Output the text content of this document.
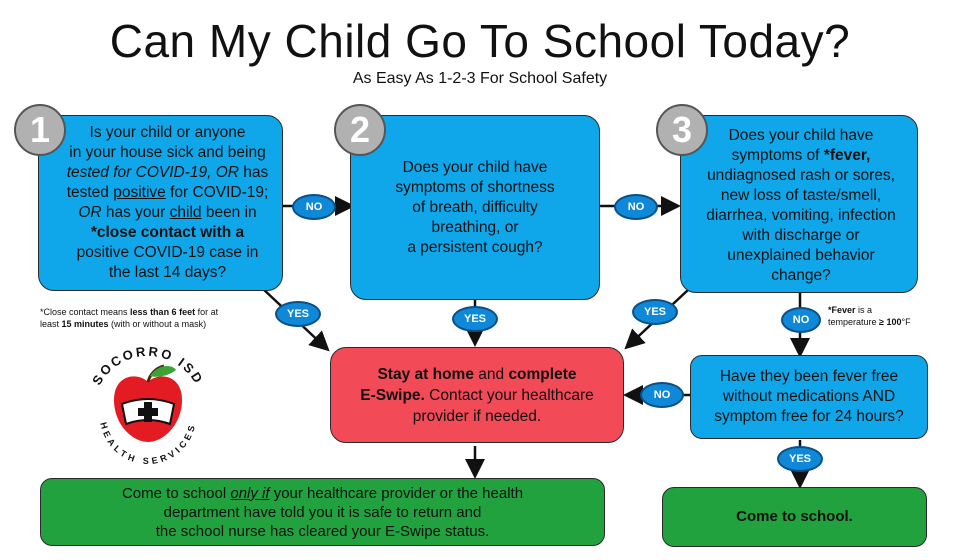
Can My Child Go To School Today?
As Easy As 1-2-3 For School Safety
Is your child or anyone
in your house sick and being
tested for COVID-19, OR has
tested positive for COVID-19;
OR has your child been in
*close contact with a
positive COVID-19 case in
the last 14 days?
1
Does your child have
symptoms of shortness
of breath, difficulty
breathing, or
a persistent cough?
2	Does your child have
symptoms of *fever,
undiagnosed rash or sores,
new loss of taste/smell,
diarrhea, vomiting, infection
with discharge or
unexplained behavior
change?
3
Stay at home and complete
E-Swipe. Contact your healthcare
provider if needed.
Have they been fever free
without medications AND
symptom free for 24 hours?
Come to school only if your healthcare provider or the health
department have told you it is safe to return and
the school nurse has cleared your E-Swipe status.
Come to school.
NO	NO
YES	YES
YES
NO
NO
YES
*Close contact means less than 6 feet for at
least 15 minutes (with or without a mask)
*Fever is a
temperature ≥ 100°F
SOCORRO ISD
HEALTH SERVICES
